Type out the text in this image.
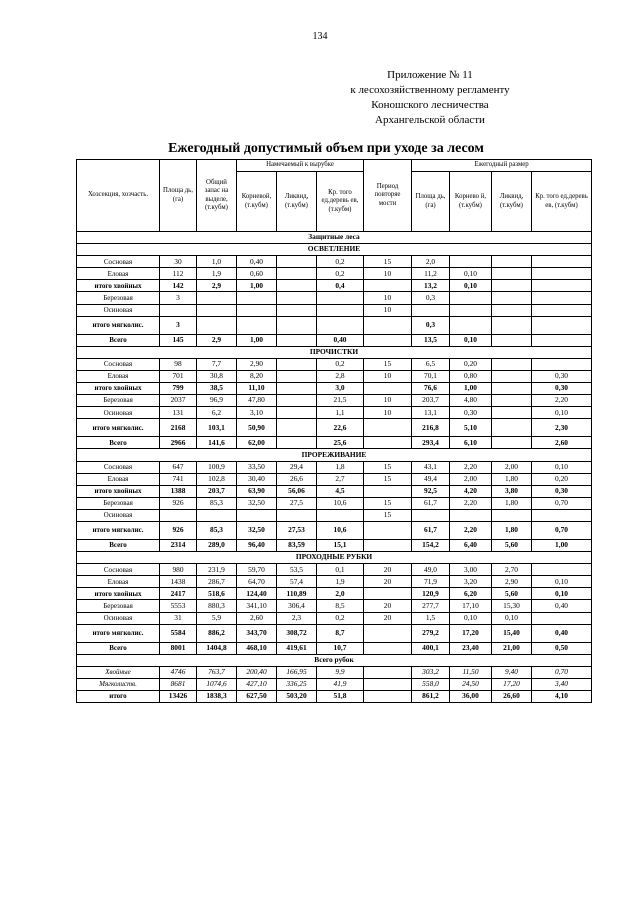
134
Приложение № 11
к лесохозяйственному регламенту
Коношского лесничества
Архангельской области
Ежегодный допустимый объем при уходе за лесом
Хозсекция, хозчасть.	Площа дь, (га)	Общий запас на выделе, (т.кубм)	Намечаемый к вырубке			Период повторяе мости	Ежегодный размер			
			Корневой, (т.кубм)	Ликвид, (т.кубм)	Кр. того ед.деревь ев, (т.кубм)		Площа дь, (га)	Корнево й, (т.кубм)	Ликвид, (т.кубм)	Кр. того ед.деревь ев, (т.кубм)
Защитные леса										
ОСВЕТЛЕНИЕ										
Сосновая	30	1,0	0,40		0,2	15	2,0			
Еловая	112	1,9	0,60		0,2	10	11,2	0,10		
итого хвойных	142	2,9	1,00		0,4		13,2	0,10		
Березовая	3					10	0,3			
Осиновая						10				
итого мягколис.	3						0,3			
Всего	145	2,9	1,00		0,40		13,5	0,10		
ПРОЧИСТКИ										
Сосновая	98	7,7	2,90		0,2	15	6,5	0,20		
Еловая	701	30,8	8,20		2,8	10	70,1	0,80		0,30
итого хвойных	799	38,5	11,10		3,0		76,6	1,00		0,30
Березовая	2037	96,9	47,80		21,5	10	203,7	4,80		2,20
Осиновая	131	6,2	3,10		1,1	10	13,1	0,30		0,10
итого мягколис.	2168	103,1	50,90		22,6		216,8	5,10		2,30
Всего	2966	141,6	62,00		25,6		293,4	6,10		2,60
ПРОРЕЖИВАНИЕ										
Сосновая	647	100,9	33,50	29,4	1,8	15	43,1	2,20	2,00	0,10
Еловая	741	102,8	30,40	26,6	2,7	15	49,4	2,00	1,80	0,20
итого хвойных	1388	203,7	63,90	56,06	4,5		92,5	4,20	3,80	0,30
Березовая	926	85,3	32,50	27,5	10,6	15	61,7	2,20	1,80	0,70
Осиновая						15				
итого мягколис.	926	85,3	32,50	27,53	10,6		61,7	2,20	1,80	0,70
Всего	2314	289,0	96,40	83,59	15,1		154,2	6,40	5,60	1,00
ПРОХОДНЫЕ РУБКИ										
Сосновая	980	231,9	59,70	53,5	0,1	20	49,0	3,00	2,70	
Еловая	1438	286,7	64,70	57,4	1,9	20	71,9	3,20	2,90	0,10
итого хвойных	2417	518,6	124,40	110,89	2,0		120,9	6,20	5,60	0,10
Березовая	5553	880,3	341,10	306,4	8,5	20	277,7	17,10	15,30	0,40
Осиновая	31	5,9	2,60	2,3	0,2	20	1,5	0,10	0,10	
итого мягколис.	5584	886,2	343,70	308,72	8,7		279,2	17,20	15,40	0,40
Всего	8001	1404,8	468,10	419,61	10,7		400,1	23,40	21,00	0,50
Всего рубок										
Хвойные	4746	763,7	200,40	166,95	9,9		303,2	11,50	9,40	0,70
Мягколиств.	8681	1074,6	427,10	336,25	41,9		558,0	24,50	17,20	3,40
итого	13426	1838,3	627,50	503,20	51,8		861,2	36,00	26,60	4,10
